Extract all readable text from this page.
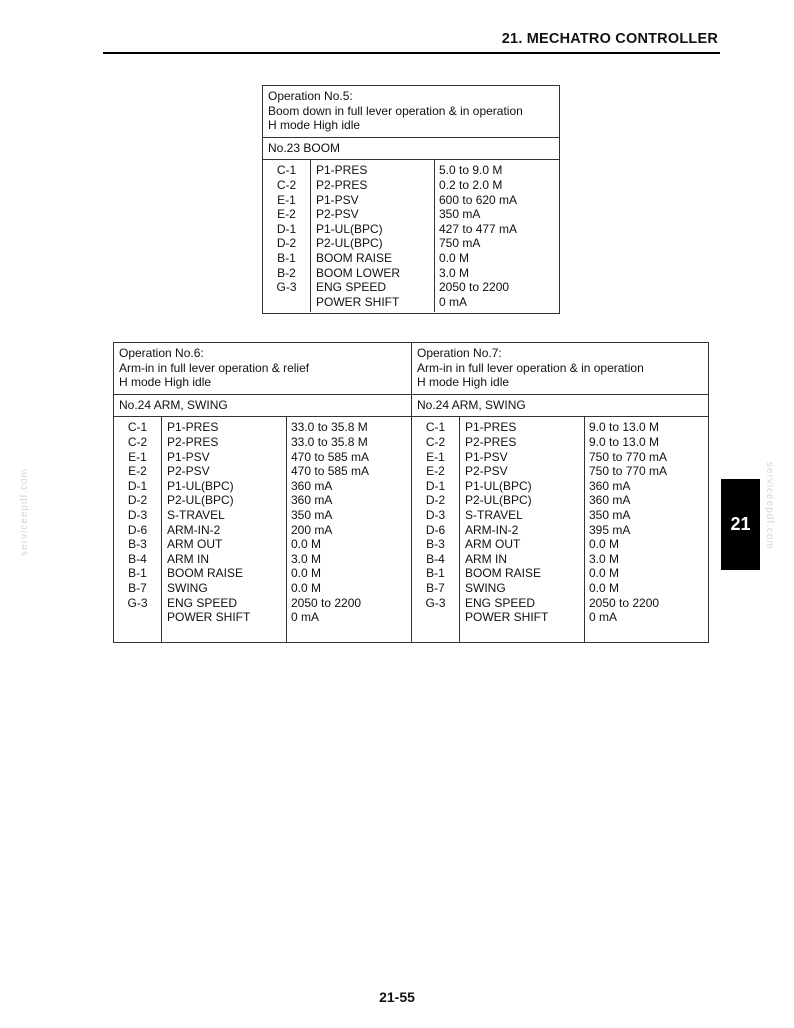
21. MECHATRO CONTROLLER
serviceepdf.com	serviceepdf.com
21
Operation No.5:
Boom down in full lever operation & in operation
H mode High idle
No.23 BOOM
C-1
C-2
E-1
E-2
D-1
D-2
B-1
B-2
G-3
P1-PRES
P2-PRES
P1-PSV
P2-PSV
P1-UL(BPC)
P2-UL(BPC)
BOOM RAISE
BOOM LOWER
ENG SPEED
POWER SHIFT
5.0 to 9.0 M
0.2 to 2.0 M
600 to 620 mA
350 mA
427 to 477 mA
750 mA
0.0 M
3.0 M
2050 to 2200
0 mA
Operation No.6:
Arm-in in full lever operation & relief
H mode High idle
No.24 ARM, SWING
C-1
C-2
E-1
E-2
D-1
D-2
D-3
D-6
B-3
B-4
B-1
B-7
G-3
P1-PRES
P2-PRES
P1-PSV
P2-PSV
P1-UL(BPC)
P2-UL(BPC)
S-TRAVEL
ARM-IN-2
ARM OUT
ARM IN
BOOM RAISE
SWING
ENG SPEED
POWER SHIFT
33.0 to 35.8 M
33.0 to 35.8 M
470 to 585 mA
470 to 585 mA
360 mA
360 mA
350 mA
200 mA
0.0 M
3.0 M
0.0 M
0.0 M
2050 to 2200
0 mA
Operation No.7:
Arm-in in full lever operation & in operation
H mode High idle
No.24 ARM, SWING
C-1
C-2
E-1
E-2
D-1
D-2
D-3
D-6
B-3
B-4
B-1
B-7
G-3
P1-PRES
P2-PRES
P1-PSV
P2-PSV
P1-UL(BPC)
P2-UL(BPC)
S-TRAVEL
ARM-IN-2
ARM OUT
ARM IN
BOOM RAISE
SWING
ENG SPEED
POWER SHIFT
9.0 to 13.0 M
9.0 to 13.0 M
750 to 770 mA
750 to 770 mA
360 mA
360 mA
350 mA
395 mA
0.0 M
3.0 M
0.0 M
0.0 M
2050 to 2200
0 mA
21-55
